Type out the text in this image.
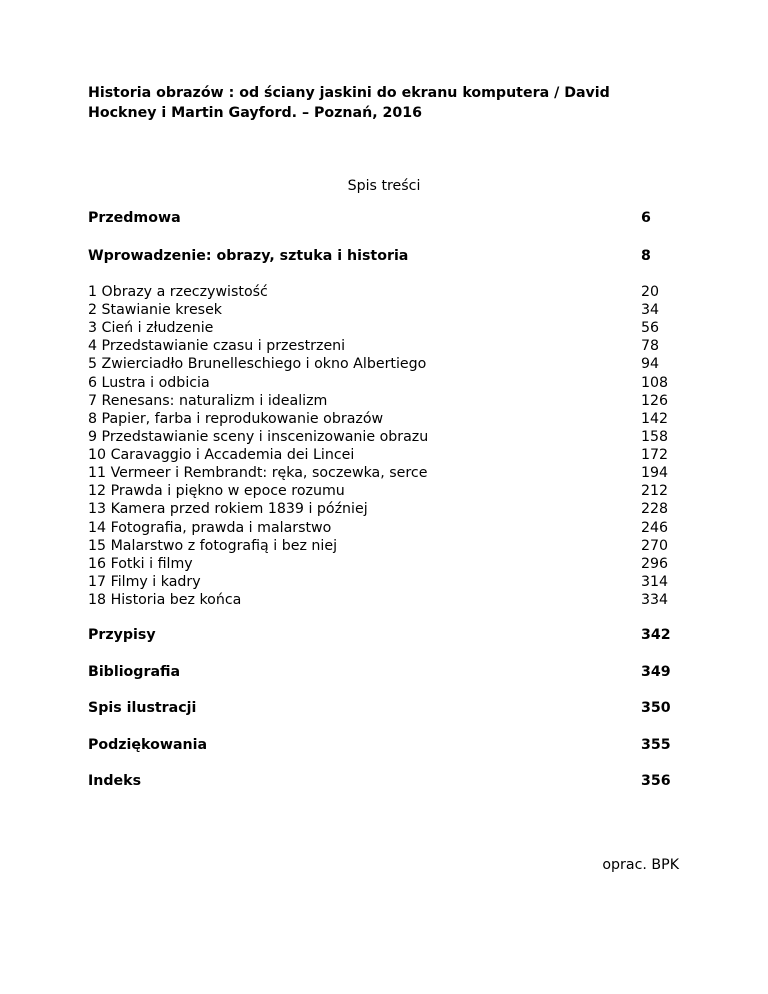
Historia obrazów : od ściany jaskini do ekranu komputera / David
Hockney i Martin Gayford. – Poznań, 2016
Spis treści
Przedmowa	6
Wprowadzenie: obrazy, sztuka i historia	8
1 Obrazy a rzeczywistość	20
2 Stawianie kresek	34
3 Cień i złudzenie	56
4 Przedstawianie czasu i przestrzeni	78
5 Zwierciadło Brunelleschiego i okno Albertiego	94
6 Lustra i odbicia	108
7 Renesans: naturalizm i idealizm	126
8 Papier, farba i reprodukowanie obrazów	142
9 Przedstawianie sceny i inscenizowanie obrazu	158
10 Caravaggio i Accademia dei Lincei	172
11 Vermeer i Rembrandt: ręka, soczewka, serce	194
12 Prawda i piękno w epoce rozumu	212
13 Kamera przed rokiem 1839 i później	228
14 Fotografia, prawda i malarstwo	246
15 Malarstwo z fotografią i bez niej	270
16 Fotki i filmy	296
17 Filmy i kadry	314
18 Historia bez końca	334
Przypisy	342
Bibliografia	349
Spis ilustracji	350
Podziękowania	355
Indeks	356
oprac. BPK
